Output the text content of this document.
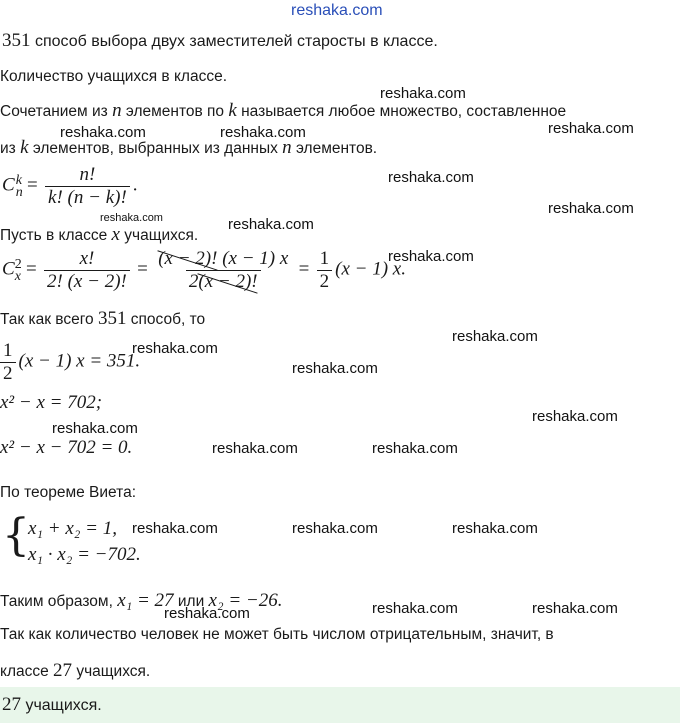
reshaka.com
351 способ выбора двух заместителей старосты в классе.
Количество учащихся в классе.
Сочетанием из n элементов по k называется любое множество, составленное
из k элементов, выбранных из данных n элементов.
C k
$n = \frac{n!}{k! (n - k)!}$ .
Пусть в классе x учащихся.
C 2
$x = \frac{x!}{2! (x - 2)!} = \frac{(x - 2)! (x - 1) x}{2(x - 2)!} = \frac{1}{2} (x - 1)$ x.
Так как всего 351 способ, то
$\frac{1}{2} (x - 1) x = 351$.
x² − x = 702;
x² − x − 702 = 0.
По теореме Виета:
{
x₁ + x₂ = 1,
x₁ · x₂ = −702.
Таким образом, x₁ = 27 или x₂ = −26.
Так как количество человек не может быть числом отрицательным, значит, в
классе 27 учащихся.
27 учащихся.
reshaka.com
reshaka.com	reshaka.com	reshaka.com
reshaka.com
reshaka.com
reshaka.com	reshaka.com
reshaka.com
reshaka.com
reshaka.com
reshaka.com
reshaka.com
reshaka.com
reshaka.com	reshaka.com
reshaka.com	reshaka.com	reshaka.com
reshaka.com	reshaka.com
reshaka.com
